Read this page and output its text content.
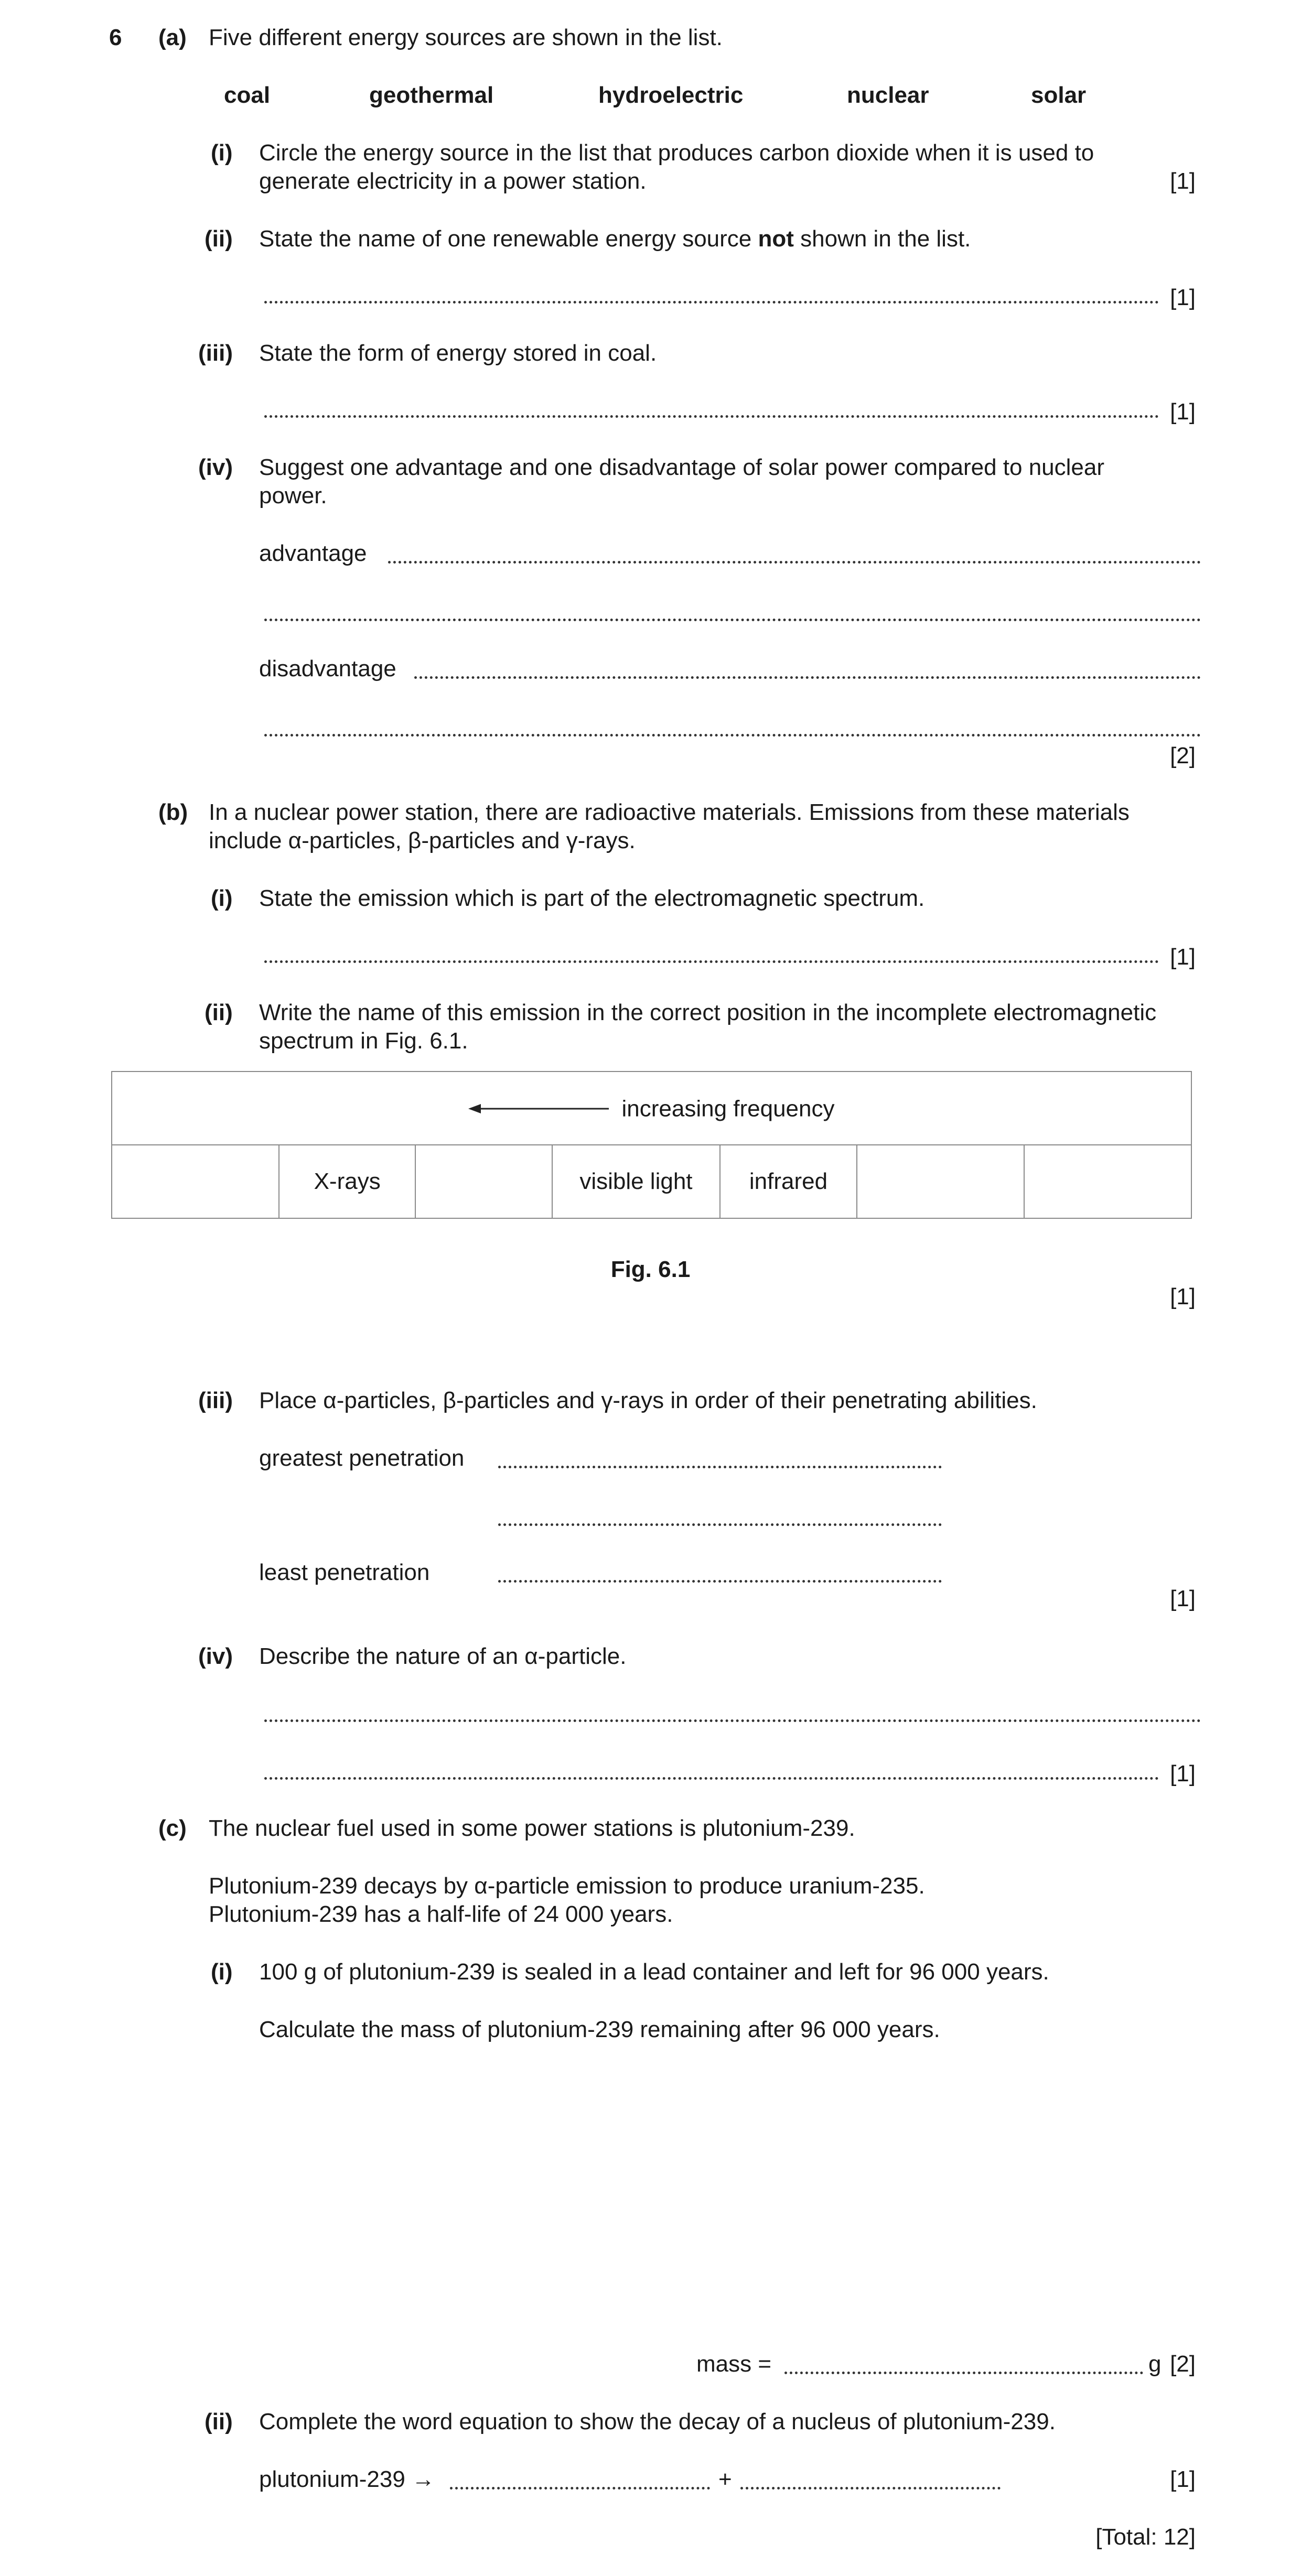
6 (a) Five different energy sources are shown in the list.
coal	geothermal	hydroelectric	nuclear	solar
(i) Circle the energy source in the list that produces carbon dioxide when it is used to
generate electricity in a power station.	[1]
(ii) State the name of one renewable energy source not shown in the list.
[1]
(iii) State the form of energy stored in coal.
[1]
(iv) Suggest one advantage and one disadvantage of solar power compared to nuclear
power.
advantage
disadvantage
[2]
(b) In a nuclear power station, there are radioactive materials. Emissions from these materials
include α-particles, β-particles and γ-rays.
(i) State the emission which is part of the electromagnetic spectrum.
[1]
(ii) Write the name of this emission in the correct position in the incomplete electromagnetic
spectrum in Fig. 6.1.
increasing frequency
	X-rays		visible light	infrared		
Fig. 6.1
[1]
(iii) Place α-particles, β-particles and γ-rays in order of their penetrating abilities.
greatest penetration
least penetration
[1]
(iv) Describe the nature of an α-particle.
[1]
(c) The nuclear fuel used in some power stations is plutonium-239.
Plutonium-239 decays by α-particle emission to produce uranium-235.
Plutonium-239 has a half-life of 24 000 years.
(i) 100 g of plutonium-239 is sealed in a lead container and left for 96 000 years.
Calculate the mass of plutonium-239 remaining after 96 000 years.
mass =	g [2]
(ii) Complete the word equation to show the decay of a nucleus of plutonium-239.
plutonium-239 →	+	[1]
[Total: 12]
